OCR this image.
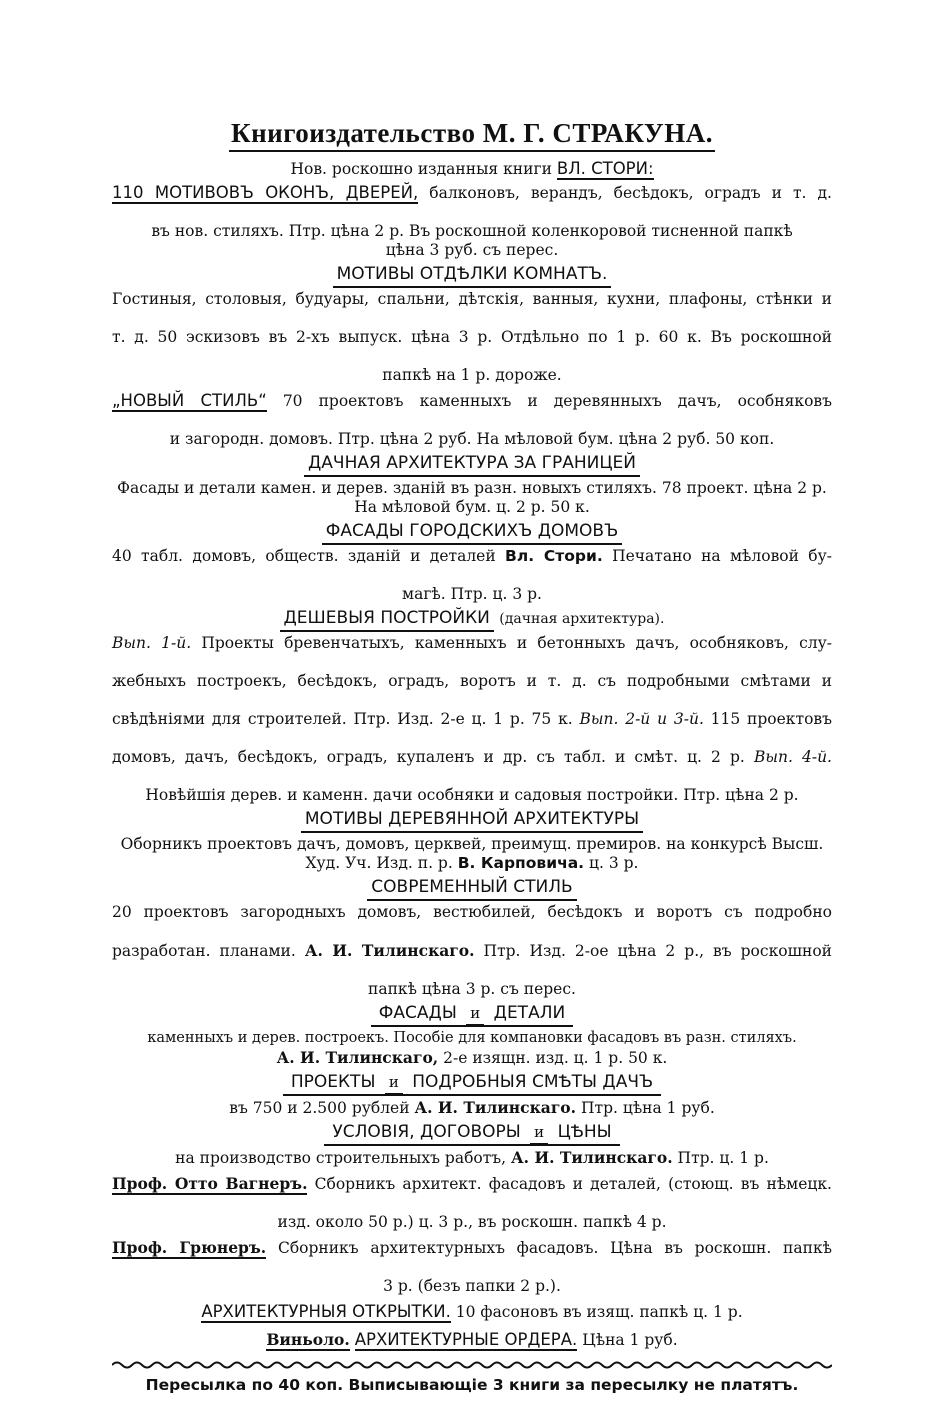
Книгоиздательство М. Г. СТРАКУНА.

Нов. роскошно изданныя книги ВЛ. СТОРИ:

110 МОТИВОВЪ ОКОНЪ, ДВЕРЕЙ, балконовъ, верандъ, бесѣдокъ, оградъ и т. д.

въ нов. стиляхъ. Птр. цѣна 2 р. Въ роскошной коленкоровой тисненной папкѣ

цѣна 3 руб. съ перес.

МОТИВЫ ОТДѢЛКИ КОМНАТЪ.

Гостиныя, столовыя, будуары, спальни, дѣтскія, ванныя, кухни, плафоны, стѣнки и

т. д. 50 эскизовъ въ 2-хъ выпуск. цѣна 3 р. Отдѣльно по 1 р. 60 к. Въ роскошной

папкѣ на 1 р. дороже.

„НОВЫЙ СТИЛЬ“ 70 проектовъ каменныхъ и деревянныхъ дачъ, особняковъ

и загородн. домовъ. Птр. цѣна 2 руб. На мѣловой бум. цѣна 2 руб. 50 коп.

ДАЧНАЯ АРХИТЕКТУРА ЗА ГРАНИЦЕЙ

Фасады и детали камен. и дерев. зданій въ разн. новыхъ стиляхъ. 78 проект. цѣна 2 р.

На мѣловой бум. ц. 2 р. 50 к.

ФАСАДЫ ГОРОДСКИХЪ ДОМОВЪ

40 табл. домовъ, обществ. зданій и деталей Вл. Стори. Печатано на мѣловой бу-

магѣ. Птр. ц. 3 р.

ДЕШЕВЫЯ ПОСТРОЙКИ (дачная архитектура).

Вып. 1-й. Проекты бревенчатыхъ, каменныхъ и бетонныхъ дачъ, особняковъ, слу-

жебныхъ построекъ, бесѣдокъ, оградъ, воротъ и т. д. съ подробными смѣтами и

свѣдѣніями для строителей. Птр. Изд. 2-е ц. 1 р. 75 к. Вып. 2-й и 3-й. 115 проектовъ

домовъ, дачъ, бесѣдокъ, оградъ, купаленъ и др. съ табл. и смѣт. ц. 2 р. Вып. 4-й.

Новѣйшія дерев. и каменн. дачи особняки и садовыя постройки. Птр. цѣна 2 р.

МОТИВЫ ДЕРЕВЯННОЙ АРХИТЕКТУРЫ

Оборникъ проектовъ дачъ, домовъ, церквей, преимущ. премиров. на конкурсѣ Высш.

Худ. Уч. Изд. п. р. В. Карповича. ц. 3 р.

СОВРЕМЕННЫЙ СТИЛЬ

20 проектовъ загородныхъ домовъ, вестюбилей, бесѣдокъ и воротъ съ подробно

разработан. планами. А. И. Тилинскаго. Птр. Изд. 2-ое цѣна 2 р., въ роскошной

папкѣ цѣна 3 р. съ перес.

ФАСАДЫ и ДЕТАЛИ

каменныхъ и дерев. построекъ. Пособіе для компановки фасадовъ въ разн. стиляхъ.

А. И. Тилинскаго, 2-е изящн. изд. ц. 1 р. 50 к.

ПРОЕКТЫ и ПОДРОБНЫЯ СМѢТЫ ДАЧЪ

въ 750 и 2.500 рублей А. И. Тилинскаго. Птр. цѣна 1 руб.

УСЛОВІЯ, ДОГОВОРЫ и ЦѢНЫ

на производство строительныхъ работъ, А. И. Тилинскаго. Птр. ц. 1 р.

Проф. Отто Вагнеръ. Сборникъ архитект. фасадовъ и деталей, (стоющ. въ нѣмецк.

изд. около 50 р.) ц. 3 р., въ роскошн. папкѣ 4 р.

Проф. Грюнеръ. Сборникъ архитектурныхъ фасадовъ. Цѣна въ роскошн. папкѣ

3 р. (безъ папки 2 р.).

АРХИТЕКТУРНЫЯ ОТКРЫТКИ. 10 фасоновъ въ изящ. папкѣ ц. 1 р.

Виньоло. АРХИТЕКТУРНЫЕ ОРДЕРА. Цѣна 1 руб.

Пересылка по 40 коп. Выписывающіе 3 книги за пересылку не платятъ.
